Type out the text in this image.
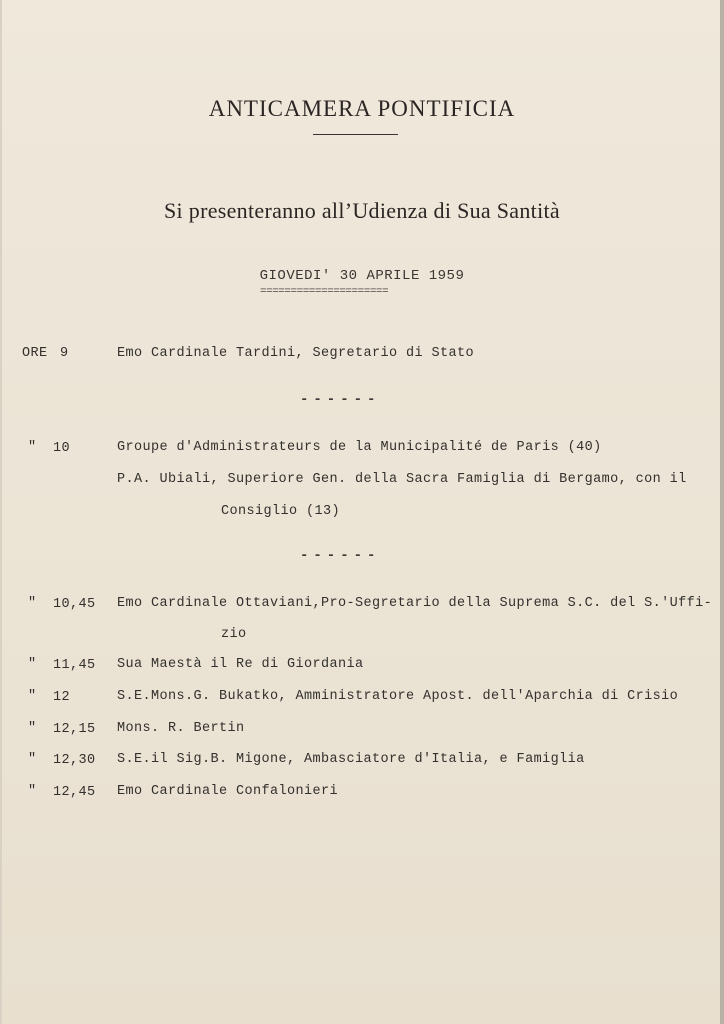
ANTICAMERA PONTIFICIA
Si presenteranno all’Udienza di Sua Santità
GIOVEDI' 30 APRILE 1959
=====================
ORE 9	Emo Cardinale Tardini, Segretario di Stato
------
" 10	Groupe d'Administrateurs de la Municipalité de Paris (40)
P.A. Ubiali, Superiore Gen. della Sacra Famiglia di Bergamo, con il
Consiglio (13)
------
" 10,45 Emo Cardinale Ottaviani,Pro-Segretario della Suprema S.C. del S.'Uffi-
zio
" 11,45 Sua Maestà il Re di Giordania
" 12	S.E.Mons.G. Bukatko, Amministratore Apost. dell'Aparchia di Crisio
" 12,15 Mons. R. Bertin
" 12,30 S.E.il Sig.B. Migone, Ambasciatore d'Italia, e Famiglia
" 12,45 Emo Cardinale Confalonieri
